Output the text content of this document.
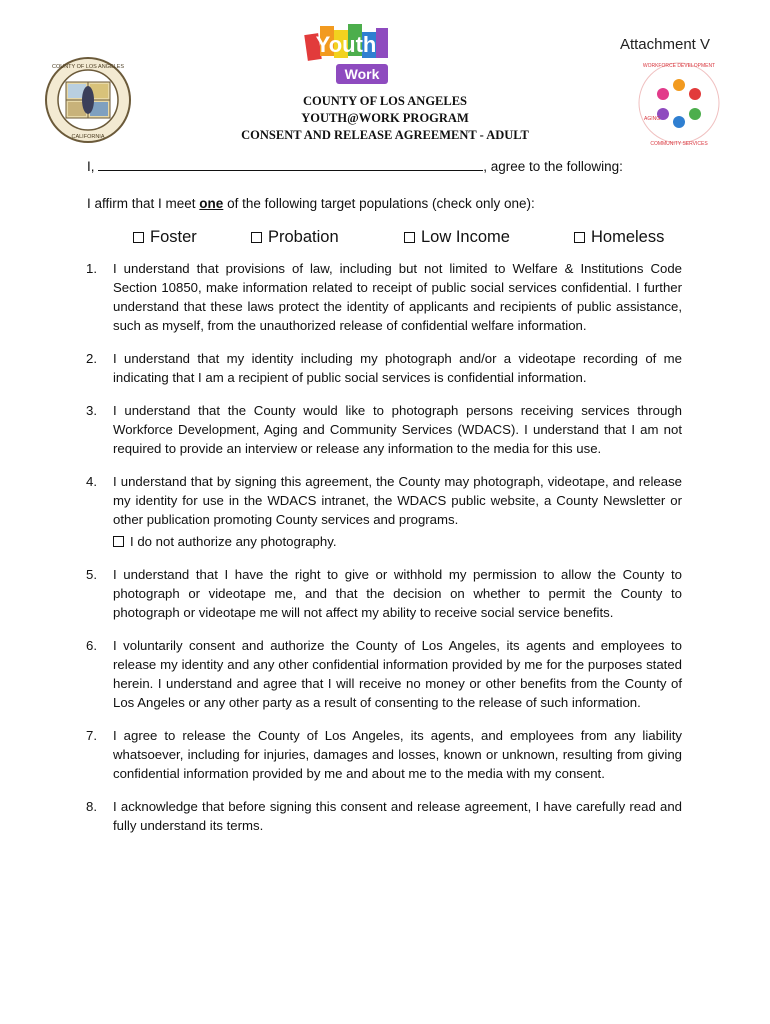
Attachment V
COUNTY OF LOS ANGELES
CALIFORNIA
Youth
Work	WORKFORCE DEVELOPMENT
AGING
COMMUNITY SERVICES
COUNTY OF LOS ANGELES
YOUTH@WORK PROGRAM
CONSENT AND RELEASE AGREEMENT - ADULT
I,	, agree to the following:
I affirm that I meet one of the following target populations (check only one):
Foster	Probation	Low Income	Homeless
1.	I understand that provisions of law, including but not limited to Welfare & Institutions Code Section 10850, make information related to receipt of public social services confidential. I further understand that these laws protect the identity of applicants and recipients of public assistance, such as myself, from the unauthorized release of confidential welfare information.
2.	I understand that my identity including my photograph and/or a videotape recording of me indicating that I am a recipient of public social services is confidential information.
3.	I understand that the County would like to photograph persons receiving services through Workforce Development, Aging and Community Services (WDACS). I understand that I am not required to provide an interview or release any information to the media for this use.
4.	I understand that by signing this agreement, the County may photograph, videotape, and release my identity for use in the WDACS intranet, the WDACS public website, a County Newsletter or other publication promoting County services and programs.
I do not authorize any photography.
5.	I understand that I have the right to give or withhold my permission to allow the County to photograph or videotape me, and that the decision on whether to permit the County to photograph or videotape me will not affect my ability to receive social service benefits.
6.	I voluntarily consent and authorize the County of Los Angeles, its agents and employees to release my identity and any other confidential information provided by me for the purposes stated herein. I understand and agree that I will receive no money or other benefits from the County of Los Angeles or any other party as a result of consenting to the release of such information.
7.	I agree to release the County of Los Angeles, its agents, and employees from any liability whatsoever, including for injuries, damages and losses, known or unknown, resulting from giving confidential information provided by me and about me to the media with my consent.
8.	I acknowledge that before signing this consent and release agreement, I have carefully read and fully understand its terms.
